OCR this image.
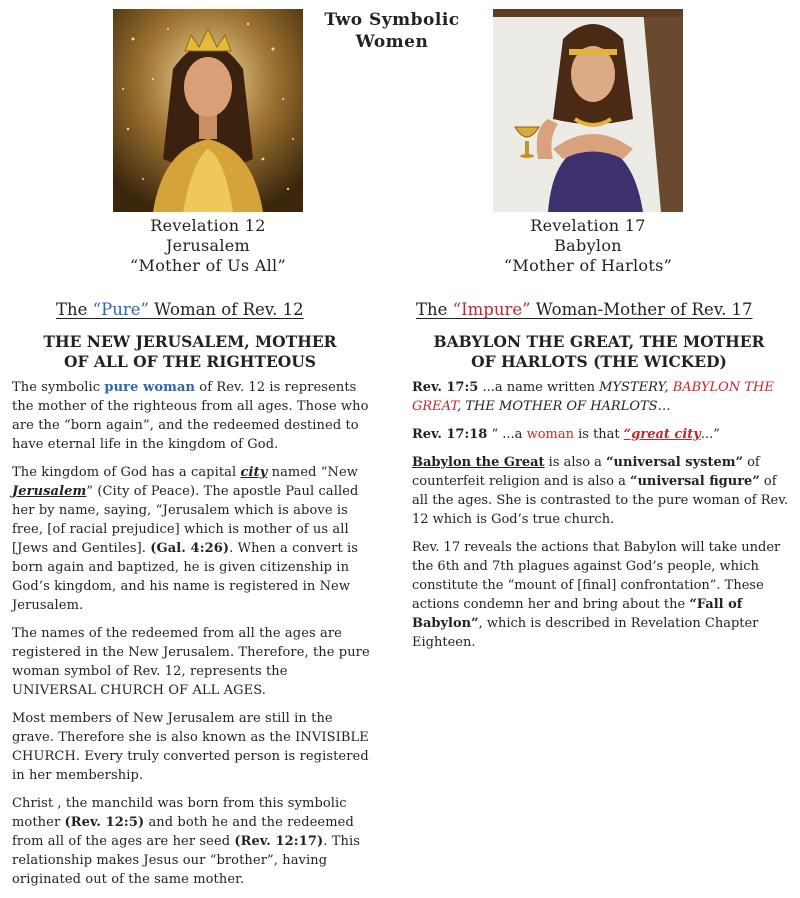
Two Symbolic
Women
Revelation 12
Jerusalem
“Mother of Us All”
Revelation 17
Babylon
“Mother of Harlots”
The “Pure” Woman of Rev. 12
THE NEW JERUSALEM, MOTHER
OF ALL OF THE RIGHTEOUS

The symbolic pure woman of Rev. 12 is represents the mother of the righteous from all ages. Those who are the “born again”, and the redeemed destined to have eternal life in the kingdom of God.

The kingdom of God has a capital city named “New Jerusalem” (City of Peace). The apostle Paul called her by name, saying, “Jerusalem which is above is free, [of racial prejudice] which is mother of us all [Jews and Gentiles]. (Gal. 4:26). When a convert is born again and baptized, he is given citizenship in God’s kingdom, and his name is registered in New Jerusalem.

The names of the redeemed from all the ages are registered in the New Jerusalem. Therefore, the pure woman symbol of Rev. 12, represents the UNIVERSAL CHURCH OF ALL AGES.

Most members of New Jerusalem are still in the grave. Therefore she is also known as the INVISIBLE CHURCH. Every truly converted person is registered in her membership.

Christ , the manchild was born from this symbolic mother (Rev. 12:5) and both he and the redeemed from all of the ages are her seed (Rev. 12:17). This relationship makes Jesus our “brother”, having originated out of the same mother.

The “Impure” Woman-Mother of Rev. 17
BABYLON THE GREAT, THE MOTHER
OF HARLOTS (THE WICKED)

Rev. 17:5 ...a name written MYSTERY, BABYLON THE GREAT, THE MOTHER OF HARLOTS…

Rev. 17:18 “ ...a woman is that “great city...”

Babylon the Great is also a “universal system” of counterfeit religion and is also a “universal figure” of all the ages. She is contrasted to the pure woman of Rev. 12 which is God’s true church.

Rev. 17 reveals the actions that Babylon will take under the 6th and 7th plagues against God’s people, which constitute the “mount of [final] confrontation”. These actions condemn her and bring about the “Fall of Babylon”, which is described in Revelation Chapter Eighteen.
